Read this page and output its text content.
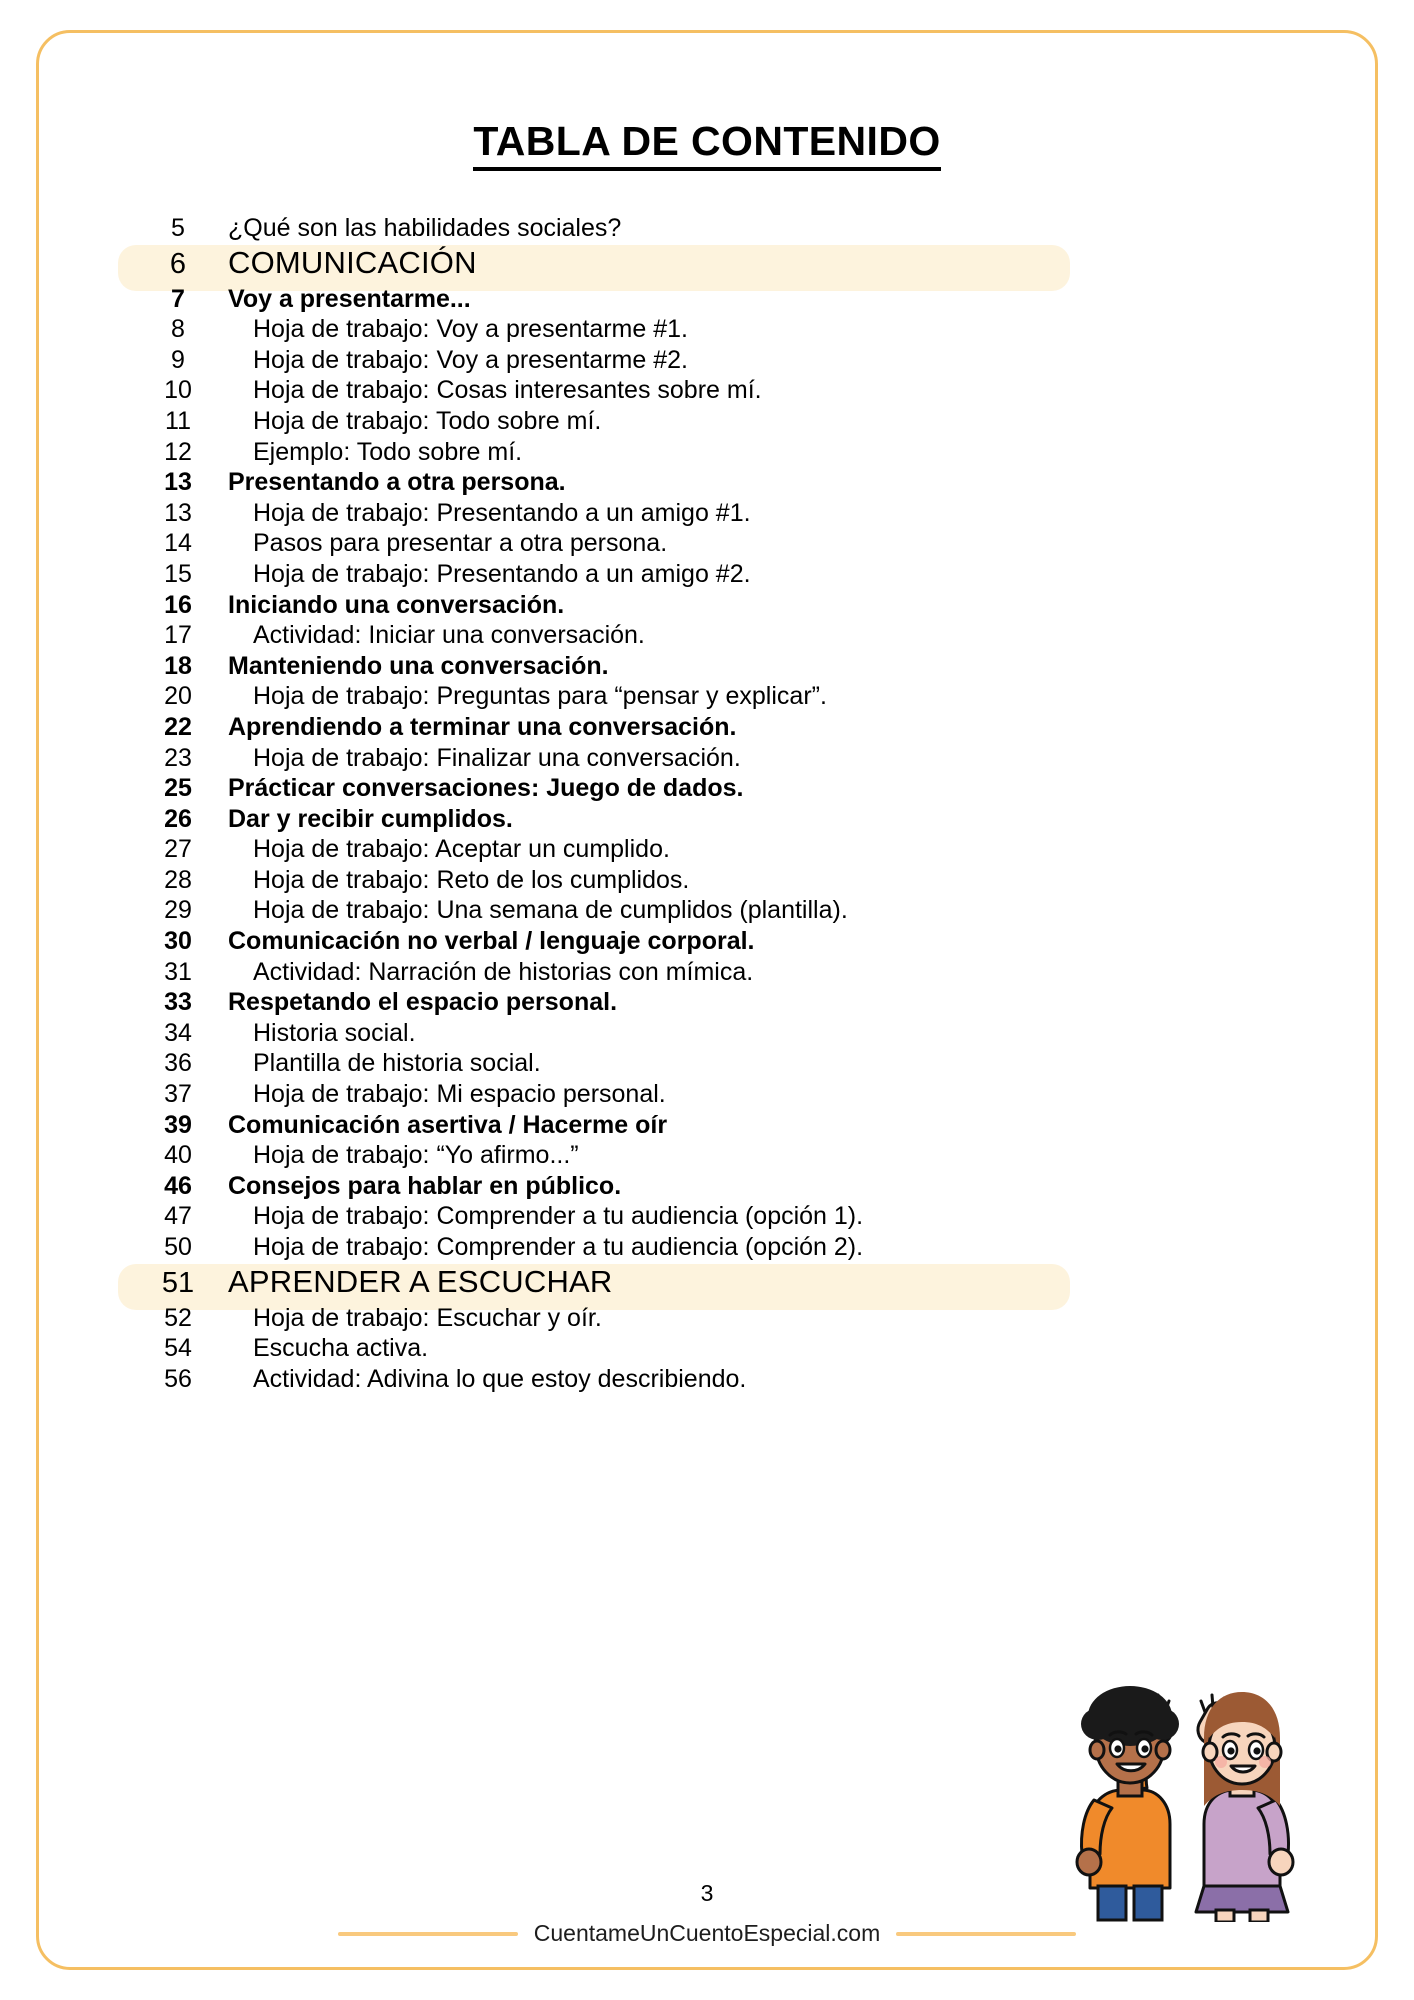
TABLA DE CONTENIDO
5	¿Qué son las habilidades sociales?
6	COMUNICACIÓN
7	Voy a presentarme...
8	Hoja de trabajo: Voy a presentarme #1.
9	Hoja de trabajo: Voy a presentarme #2.
10	Hoja de trabajo: Cosas interesantes sobre mí.
11	Hoja de trabajo: Todo sobre mí.
12	Ejemplo: Todo sobre mí.
13	Presentando a otra persona.
13	Hoja de trabajo: Presentando a un amigo #1.
14	Pasos para presentar a otra persona.
15	Hoja de trabajo: Presentando a un amigo #2.
16	Iniciando una conversación.
17	Actividad: Iniciar una conversación.
18	Manteniendo una conversación.
20	Hoja de trabajo: Preguntas para “pensar y explicar”.
22	Aprendiendo a terminar una conversación.
23	Hoja de trabajo: Finalizar una conversación.
25	Prácticar conversaciones: Juego de dados.
26	Dar y recibir cumplidos.
27	Hoja de trabajo: Aceptar un cumplido.
28	Hoja de trabajo: Reto de los cumplidos.
29	Hoja de trabajo: Una semana de cumplidos (plantilla).
30	Comunicación no verbal / lenguaje corporal.
31	Actividad: Narración de historias con mímica.
33	Respetando el espacio personal.
34	Historia social.
36	Plantilla de historia social.
37	Hoja de trabajo: Mi espacio personal.
39	Comunicación asertiva / Hacerme oír
40	Hoja de trabajo: “Yo afirmo...”
46	Consejos para hablar en público.
47	Hoja de trabajo: Comprender a tu audiencia (opción 1).
50	Hoja de trabajo: Comprender a tu audiencia (opción 2).
51	APRENDER A ESCUCHAR
52	Hoja de trabajo: Escuchar y oír.
54	Escucha activa.
56	Actividad: Adivina lo que estoy describiendo.
3
CuentameUnCuentoEspecial.com
